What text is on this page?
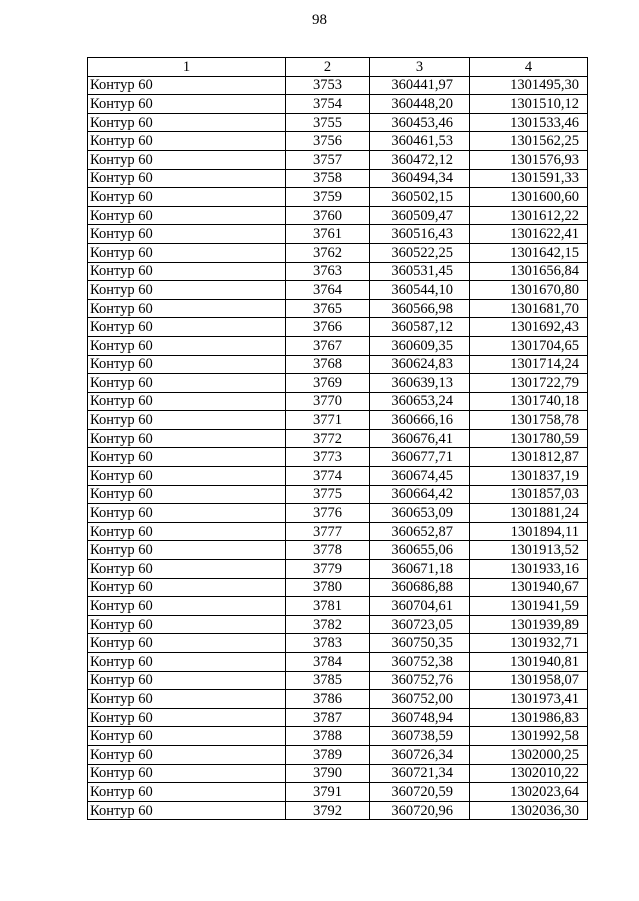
98
1	2	3	4
Контур 60	3753	360441,97	1301495,30
Контур 60	3754	360448,20	1301510,12
Контур 60	3755	360453,46	1301533,46
Контур 60	3756	360461,53	1301562,25
Контур 60	3757	360472,12	1301576,93
Контур 60	3758	360494,34	1301591,33
Контур 60	3759	360502,15	1301600,60
Контур 60	3760	360509,47	1301612,22
Контур 60	3761	360516,43	1301622,41
Контур 60	3762	360522,25	1301642,15
Контур 60	3763	360531,45	1301656,84
Контур 60	3764	360544,10	1301670,80
Контур 60	3765	360566,98	1301681,70
Контур 60	3766	360587,12	1301692,43
Контур 60	3767	360609,35	1301704,65
Контур 60	3768	360624,83	1301714,24
Контур 60	3769	360639,13	1301722,79
Контур 60	3770	360653,24	1301740,18
Контур 60	3771	360666,16	1301758,78
Контур 60	3772	360676,41	1301780,59
Контур 60	3773	360677,71	1301812,87
Контур 60	3774	360674,45	1301837,19
Контур 60	3775	360664,42	1301857,03
Контур 60	3776	360653,09	1301881,24
Контур 60	3777	360652,87	1301894,11
Контур 60	3778	360655,06	1301913,52
Контур 60	3779	360671,18	1301933,16
Контур 60	3780	360686,88	1301940,67
Контур 60	3781	360704,61	1301941,59
Контур 60	3782	360723,05	1301939,89
Контур 60	3783	360750,35	1301932,71
Контур 60	3784	360752,38	1301940,81
Контур 60	3785	360752,76	1301958,07
Контур 60	3786	360752,00	1301973,41
Контур 60	3787	360748,94	1301986,83
Контур 60	3788	360738,59	1301992,58
Контур 60	3789	360726,34	1302000,25
Контур 60	3790	360721,34	1302010,22
Контур 60	3791	360720,59	1302023,64
Контур 60	3792	360720,96	1302036,30
